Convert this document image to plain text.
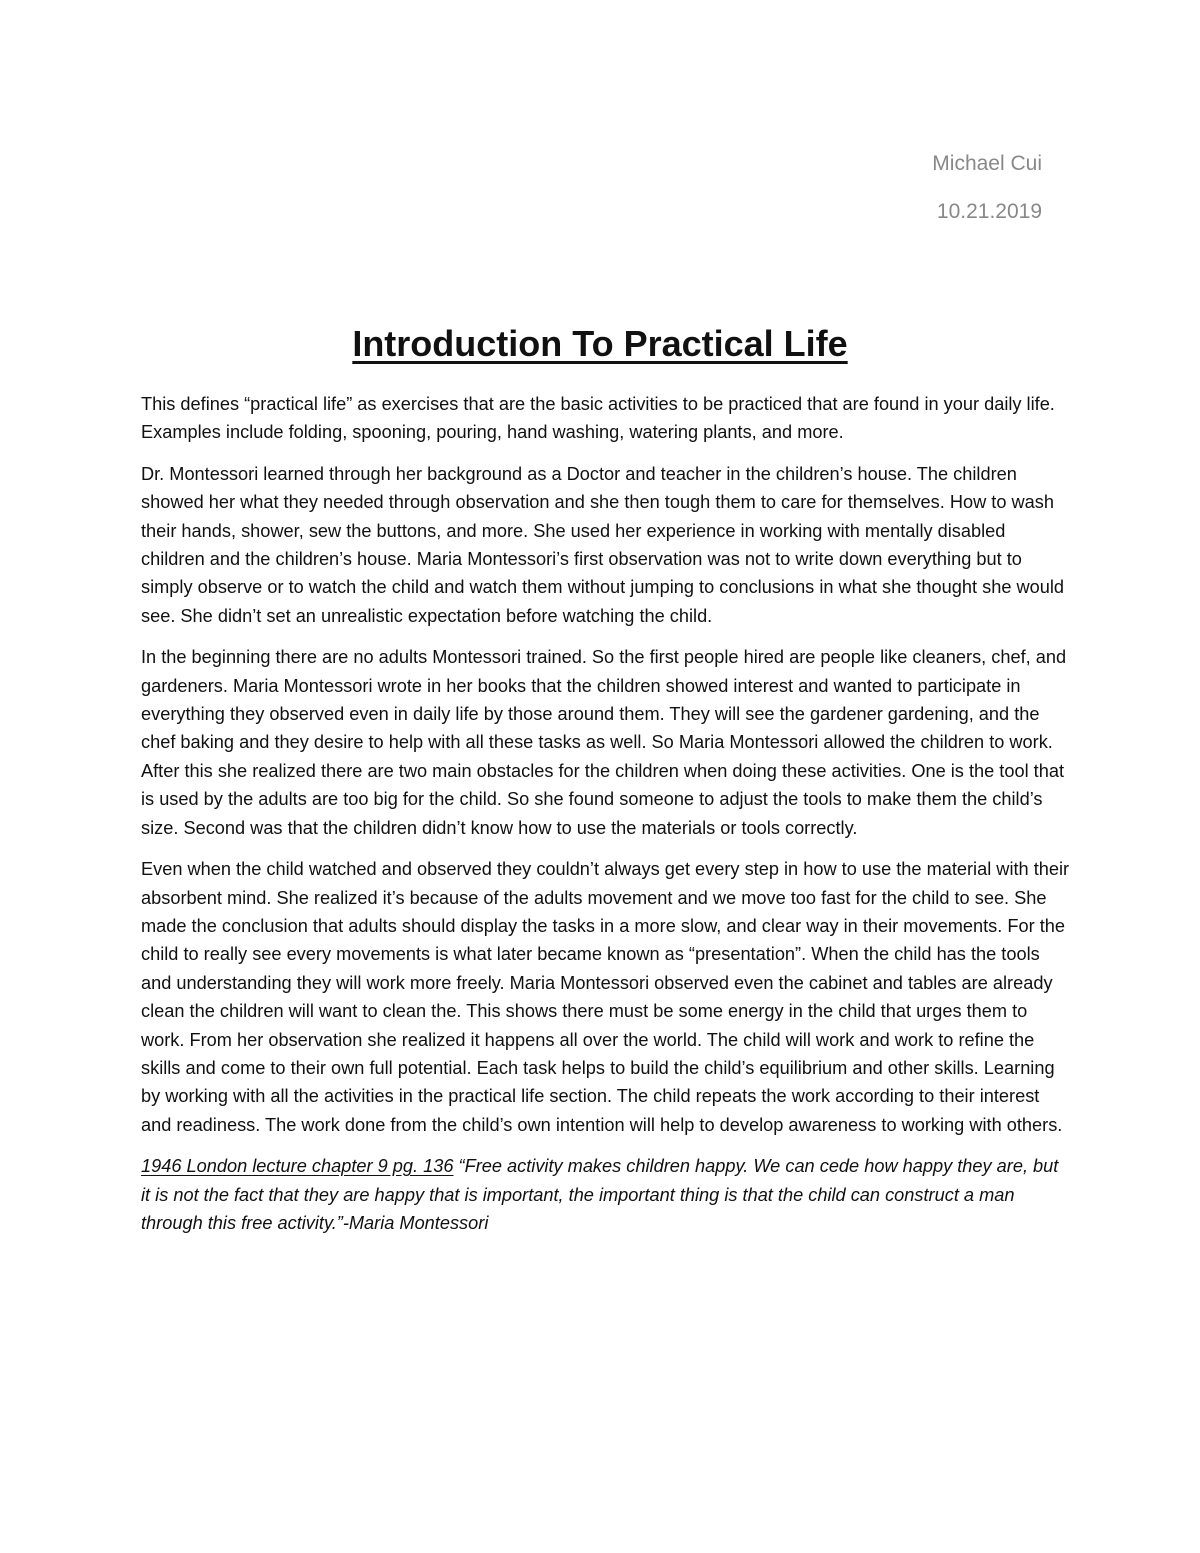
Michael Cui
10.21.2019
Introduction To Practical Life

This defines “practical life” as exercises that are the basic activities to be practiced that are found in your daily life. Examples include folding, spooning, pouring, hand washing, watering plants, and more.

Dr. Montessori learned through her background as a Doctor and teacher in the children’s house. The children showed her what they needed through observation and she then tough them to care for themselves. How to wash their hands, shower, sew the buttons, and more. She used her experience in working with mentally disabled children and the children’s house. Maria Montessori’s first observation was not to write down everything but to simply observe or to watch the child and watch them without jumping to conclusions in what she thought she would see. She didn’t set an unrealistic expectation before watching the child.

In the beginning there are no adults Montessori trained. So the first people hired are people like cleaners, chef, and gardeners. Maria Montessori wrote in her books that the children showed interest and wanted to participate in everything they observed even in daily life by those around them. They will see the gardener gardening, and the chef baking and they desire to help with all these tasks as well. So Maria Montessori allowed the children to work. After this she realized there are two main obstacles for the children when doing these activities. One is the tool that is used by the adults are too big for the child. So she found someone to adjust the tools to make them the child’s size. Second was that the children didn’t know how to use the materials or tools correctly.

Even when the child watched and observed they couldn’t always get every step in how to use the material with their absorbent mind. She realized it’s because of the adults movement and we move too fast for the child to see. She made the conclusion that adults should display the tasks in a more slow, and clear way in their movements. For the child to really see every movements is what later became known as “presentation”. When the child has the tools and understanding they will work more freely. Maria Montessori observed even the cabinet and tables are already clean the children will want to clean the. This shows there must be some energy in the child that urges them to work. From her observation she realized it happens all over the world. The child will work and work to refine the skills and come to their own full potential. Each task helps to build the child’s equilibrium and other skills. Learning by working with all the activities in the practical life section. The child repeats the work according to their interest and readiness. The work done from the child’s own intention will help to develop awareness to working with others.

1946 London lecture chapter 9 pg. 136 “Free activity makes children happy. We can cede how happy they are, but it is not the fact that they are happy that is important, the important thing is that the child can construct a man through this free activity.”-Maria Montessori
